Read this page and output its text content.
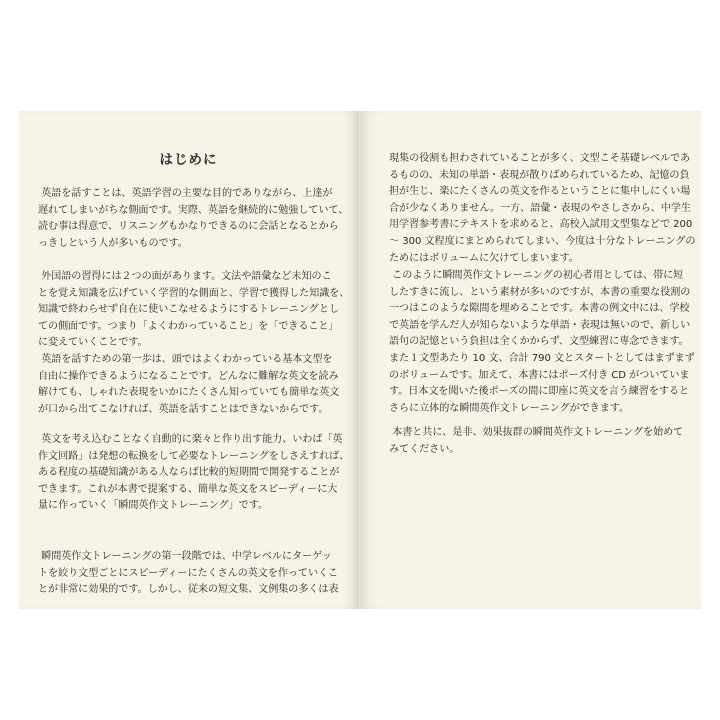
はじめに

英語を話すことは、英語学習の主要な目的でありながら、上達が
遅れてしまいがちな側面です。実際、英語を継続的に勉強していて、
読む事は得意で、リスニングもかなりできるのに会話となるとから
っきしという人が多いものです。

外国語の習得には２つの面があります。文法や語彙など未知のこ
とを覚え知識を広げていく学習的な側面と、学習で獲得した知識を、
知識で終わらせず自在に使いこなせるようにするトレーニングとし
ての側面です。つまり「よくわかっていること」を「できること」
に変えていくことです。

英語を話すための第一歩は、頭ではよくわかっている基本文型を
自由に操作できるようになることです。どんなに難解な英文を読み
解けても、しゃれた表現をいかにたくさん知っていても簡単な英文
が口から出てこなければ、英語を話すことはできないからです。

英文を考え込むことなく自動的に楽々と作り出す能力、いわば「英
作文回路」は発想の転換をして必要なトレーニングをしさえすれば、
ある程度の基礎知識がある人ならば比較的短期間で開発することが
できます。これが本書で提案する、簡単な英文をスピーディーに大
量に作っていく「瞬間英作文トレーニング」です。

瞬間英作文トレーニングの第一段階では、中学レベルにターゲッ
トを絞り文型ごとにスピーディーにたくさんの英文を作っていくこ
とが非常に効果的です。しかし、従来の短文集、文例集の多くは表

現集の役割も担わされていることが多く、文型こそ基礎レベルであ
るものの、未知の単語・表現が散りばめられているため、記憶の負
担が生じ、楽にたくさんの英文を作るということに集中しにくい場
合が少なくありません。一方、語彙・表現のやさしさから、中学生
用学習参考書にテキストを求めると、高校入試用文型集などで 200
～ 300 文程度にまとめられてしまい、今度は十分なトレーニングの
ためにはボリュームに欠けてしまいます。

このように瞬間英作文トレーニングの初心者用としては、帯に短
したすきに流し、という素材が多いのですが、本書の重要な役割の
一つはこのような隙間を埋めることです。本書の例文中には、学校
で英語を学んだ人が知らないような単語・表現は無いので、新しい
語句の記憶という負担は全くかからず、文型練習に専念できます。
また１文型あたり 10 文、合計 790 文とスタートとしてはまずまず
のボリュームです。加えて、本書にはポーズ付き CD がついていま
す。日本文を聞いた後ポーズの間に即座に英文を言う練習をすると
さらに立体的な瞬間英作文トレーニングができます。

本書と共に、是非、効果抜群の瞬間英作文トレーニングを始めて
みてください。
